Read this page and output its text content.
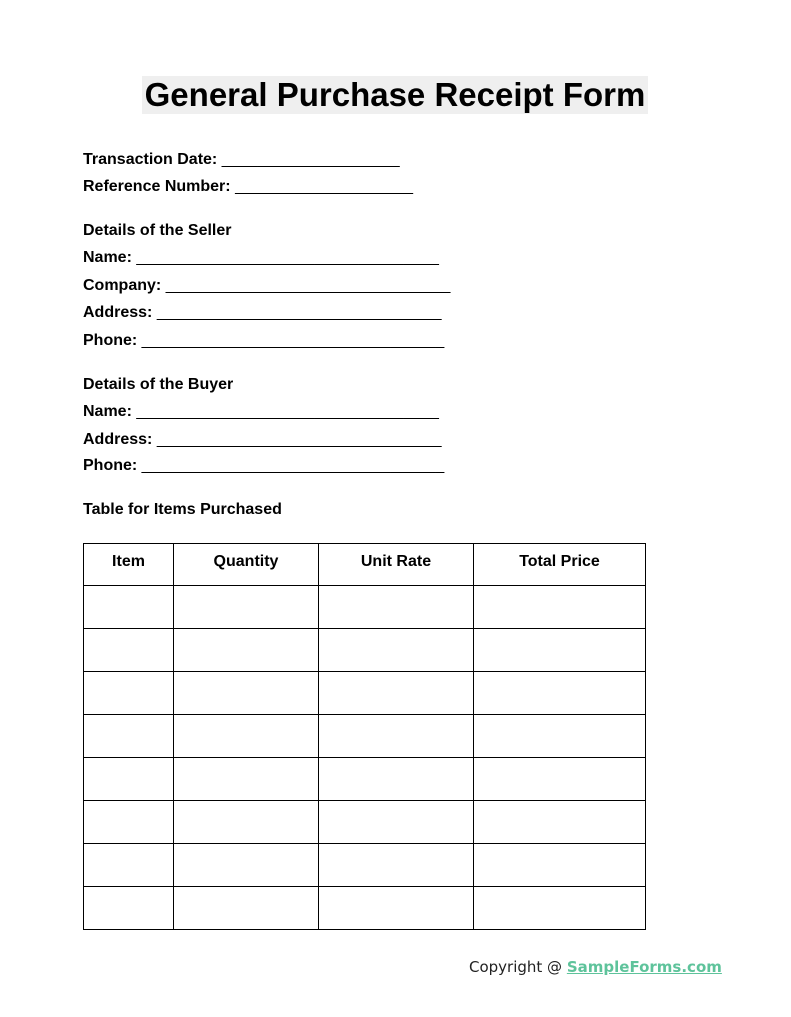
General Purchase Receipt Form
Transaction Date: ____________________
Reference Number: ____________________
Details of the Seller
Name: __________________________________
Company: ________________________________
Address: ________________________________
Phone: __________________________________
Details of the Buyer
Name: __________________________________
Address: ________________________________
Phone: __________________________________
Table for Items Purchased
Item	Quantity	Unit Rate	Total Price

Copyright @ SampleForms.com
